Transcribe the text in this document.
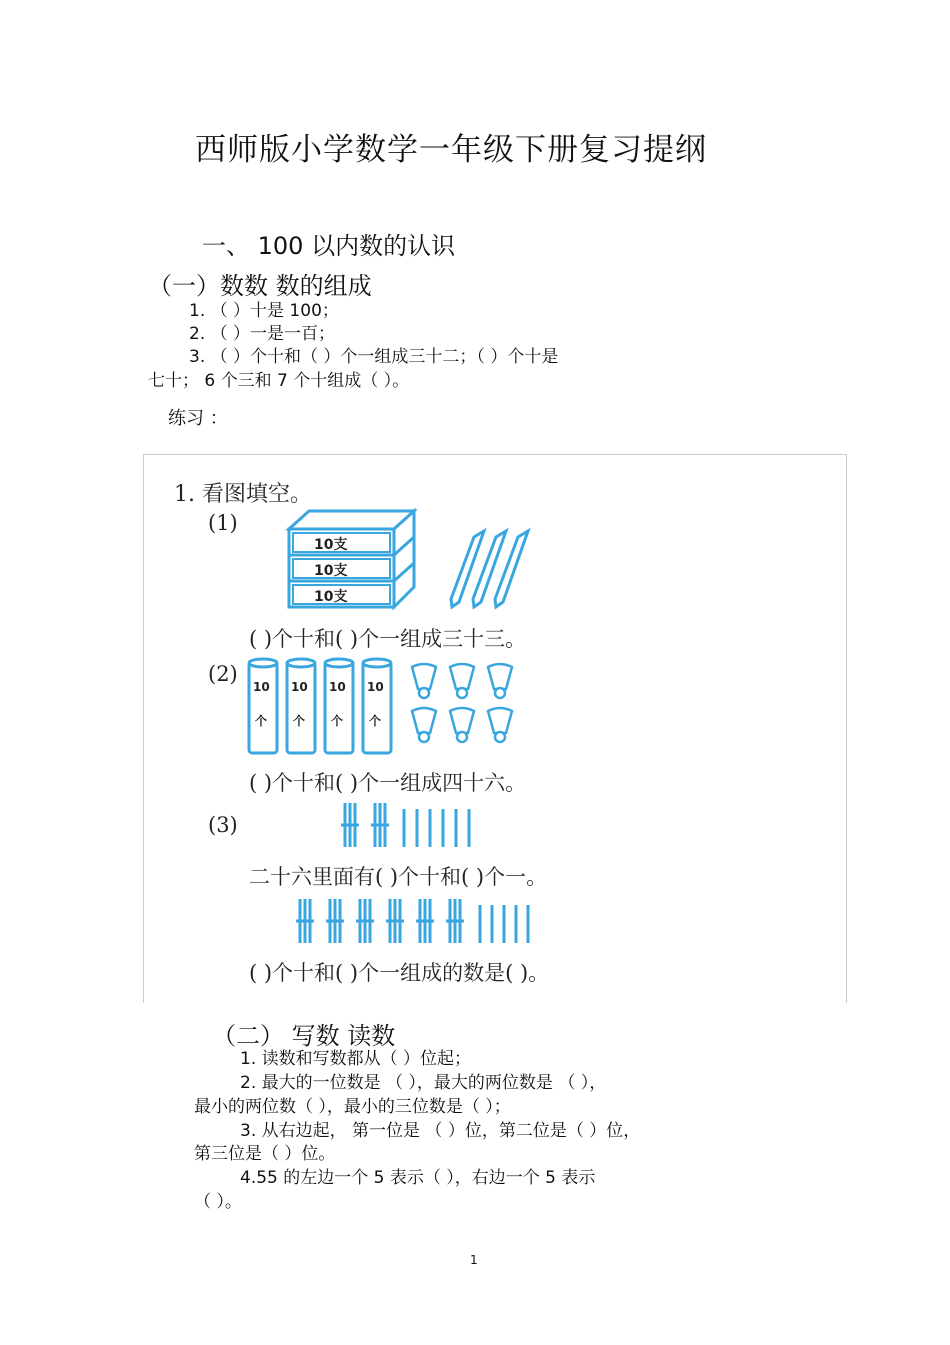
西师版小学数学一年级下册复习提纲
一、 100 以内数的认识
（一）数数 数的组成
1. （ ）十是 100；
2. （ ）一是一百；
3. （ ）个十和（ ）个一组成三十二；（ ）个十是
七十； 6 个三和 7 个十组成（ ）。
练习 ：
1. 看图填空。
(1)
10支
10支
10支
( )个十和( )个一组成三十三。
(2)
10 10 10 10
个 个 个 个
( )个十和( )个一组成四十六。
(3)
二十六里面有( )个十和( )个一。
( )个十和( )个一组成的数是( )。
（二） 写数 读数
1. 读数和写数都从（ ）位起；
2. 最大的一位数是 （ ），最大的两位数是 （ ），
最小的两位数（ ），最小的三位数是（ ）；
3. 从右边起， 第一位是 （ ）位，第二位是（ ）位，
第三位是（ ）位。
4.55 的左边一个 5 表示（ ），右边一个 5 表示
（ ）。
1
